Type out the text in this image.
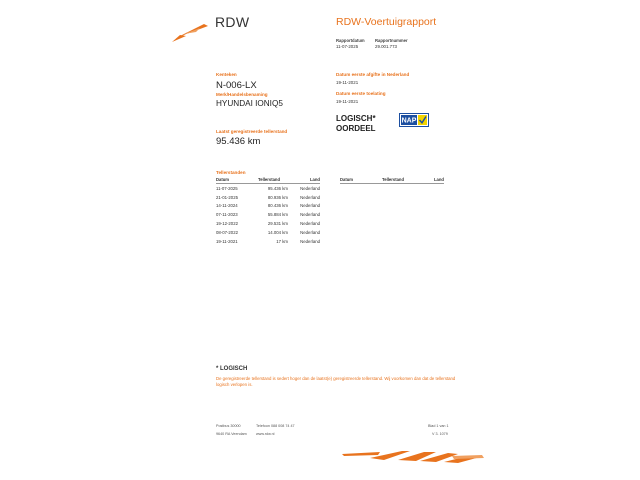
RDW	RDW-Voertuigrapport
Rapportdatum
11-07-2025
Rapportnummer
29.001.773
Kenteken
N-006-LX
Merk/Handelsbenaming
HYUNDAI IONIQ5
Laatst geregistreerde tellerstand
95.436 km
Datum eerste afgifte in Nederland
19-11-2021
Datum eerste toelating
19-11-2021
LOGISCH*
OORDEEL
NAP
Tellerstanden
Datum	Tellerstand	Land
11-07-2025	95.436 km	Nederland
21-01-2025	80.936 km	Nederland
14-11-2024	80.436 km	Nederland
07-11-2023	55.884 km	Nederland
19-12-2022	29.531 km	Nederland
08-07-2022	14.004 km	Nederland
19-11-2021	17 km	Nederland
Datum	Tellerstand	Land
* LOGISCH
De geregistreerde tellerstand is sedert hoger dan de laatst(e) geregistreerde tellerstand. Wij voorkomen dan dat de tellerstand logisch verlopen is.
Postbus 30000
9640 RA Veendam
Telefoon 088 008 74 47
www.rdw.nl
Blad 1 van 1
V 3. 1079
